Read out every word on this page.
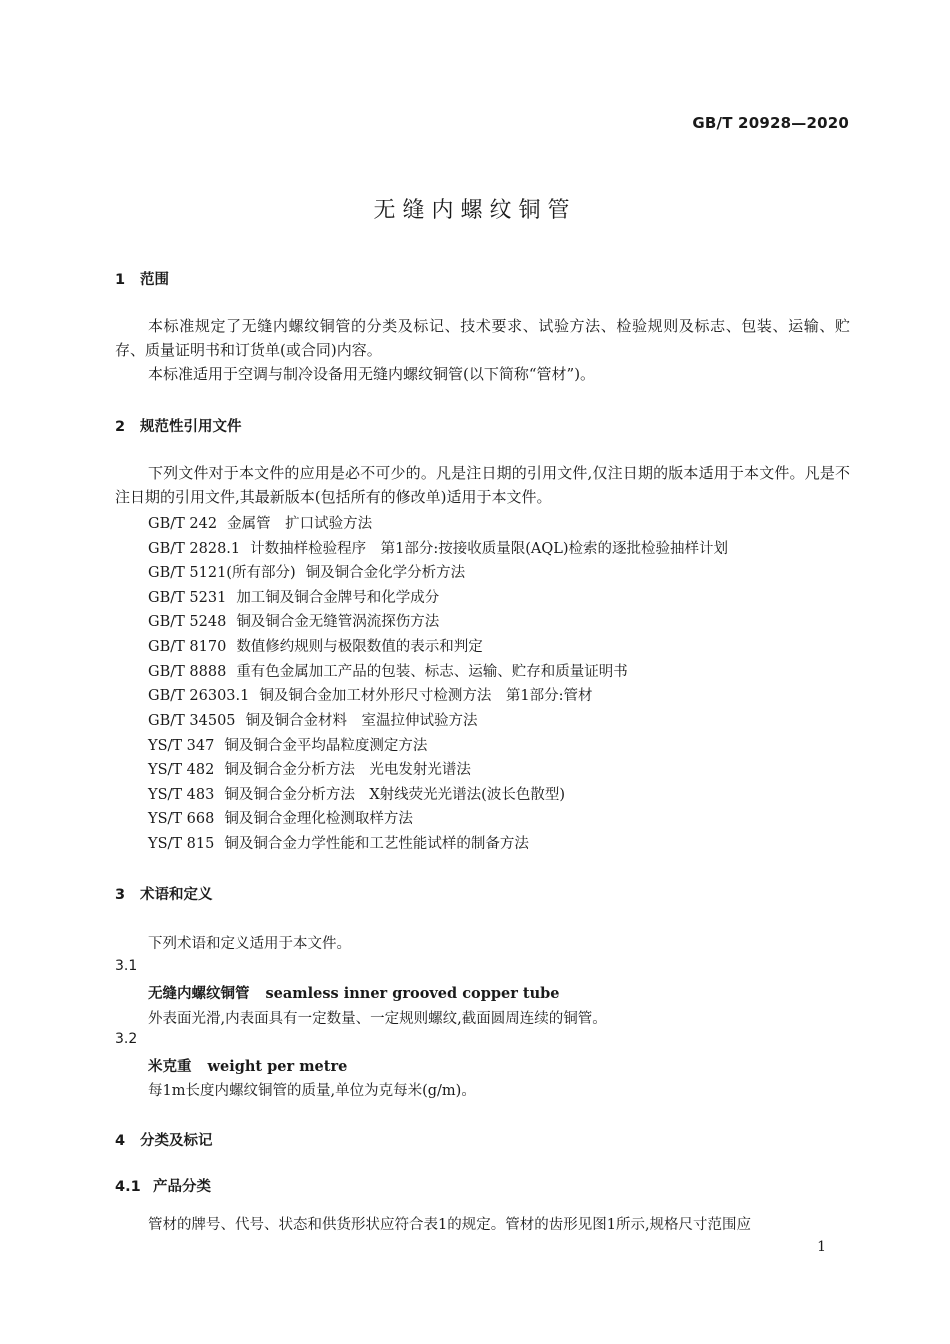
GB/T 20928—2020
无缝内螺纹铜管
1 范围
本标准规定了无缝内螺纹铜管的分类及标记、技术要求、试验方法、检验规则及标志、包装、运输、贮存、质量证明书和订货单(或合同)内容。
本标准适用于空调与制冷设备用无缝内螺纹铜管(以下简称“管材”)。
2 规范性引用文件
下列文件对于本文件的应用是必不可少的。凡是注日期的引用文件,仅注日期的版本适用于本文件。凡是不注日期的引用文件,其最新版本(包括所有的修改单)适用于本文件。
GB/T 242 金属管　扩口试验方法
GB/T 2828.1 计数抽样检验程序　第1部分:按接收质量限(AQL)检索的逐批检验抽样计划
GB/T 5121(所有部分) 铜及铜合金化学分析方法
GB/T 5231 加工铜及铜合金牌号和化学成分
GB/T 5248 铜及铜合金无缝管涡流探伤方法
GB/T 8170 数值修约规则与极限数值的表示和判定
GB/T 8888 重有色金属加工产品的包装、标志、运输、贮存和质量证明书
GB/T 26303.1 铜及铜合金加工材外形尺寸检测方法　第1部分:管材
GB/T 34505 铜及铜合金材料　室温拉伸试验方法
YS/T 347 铜及铜合金平均晶粒度测定方法
YS/T 482 铜及铜合金分析方法　光电发射光谱法
YS/T 483 铜及铜合金分析方法　X射线荧光光谱法(波长色散型)
YS/T 668 铜及铜合金理化检测取样方法
YS/T 815 铜及铜合金力学性能和工艺性能试样的制备方法
3 术语和定义
下列术语和定义适用于本文件。
3.1
无缝内螺纹铜管 seamless inner grooved copper tube
外表面光滑,内表面具有一定数量、一定规则螺纹,截面圆周连续的铜管。
3.2
米克重 weight per metre
每1m长度内螺纹铜管的质量,单位为克每米(g/m)。
4 分类及标记
4.1 产品分类
管材的牌号、代号、状态和供货形状应符合表1的规定。管材的齿形见图1所示,规格尺寸范围应
1
